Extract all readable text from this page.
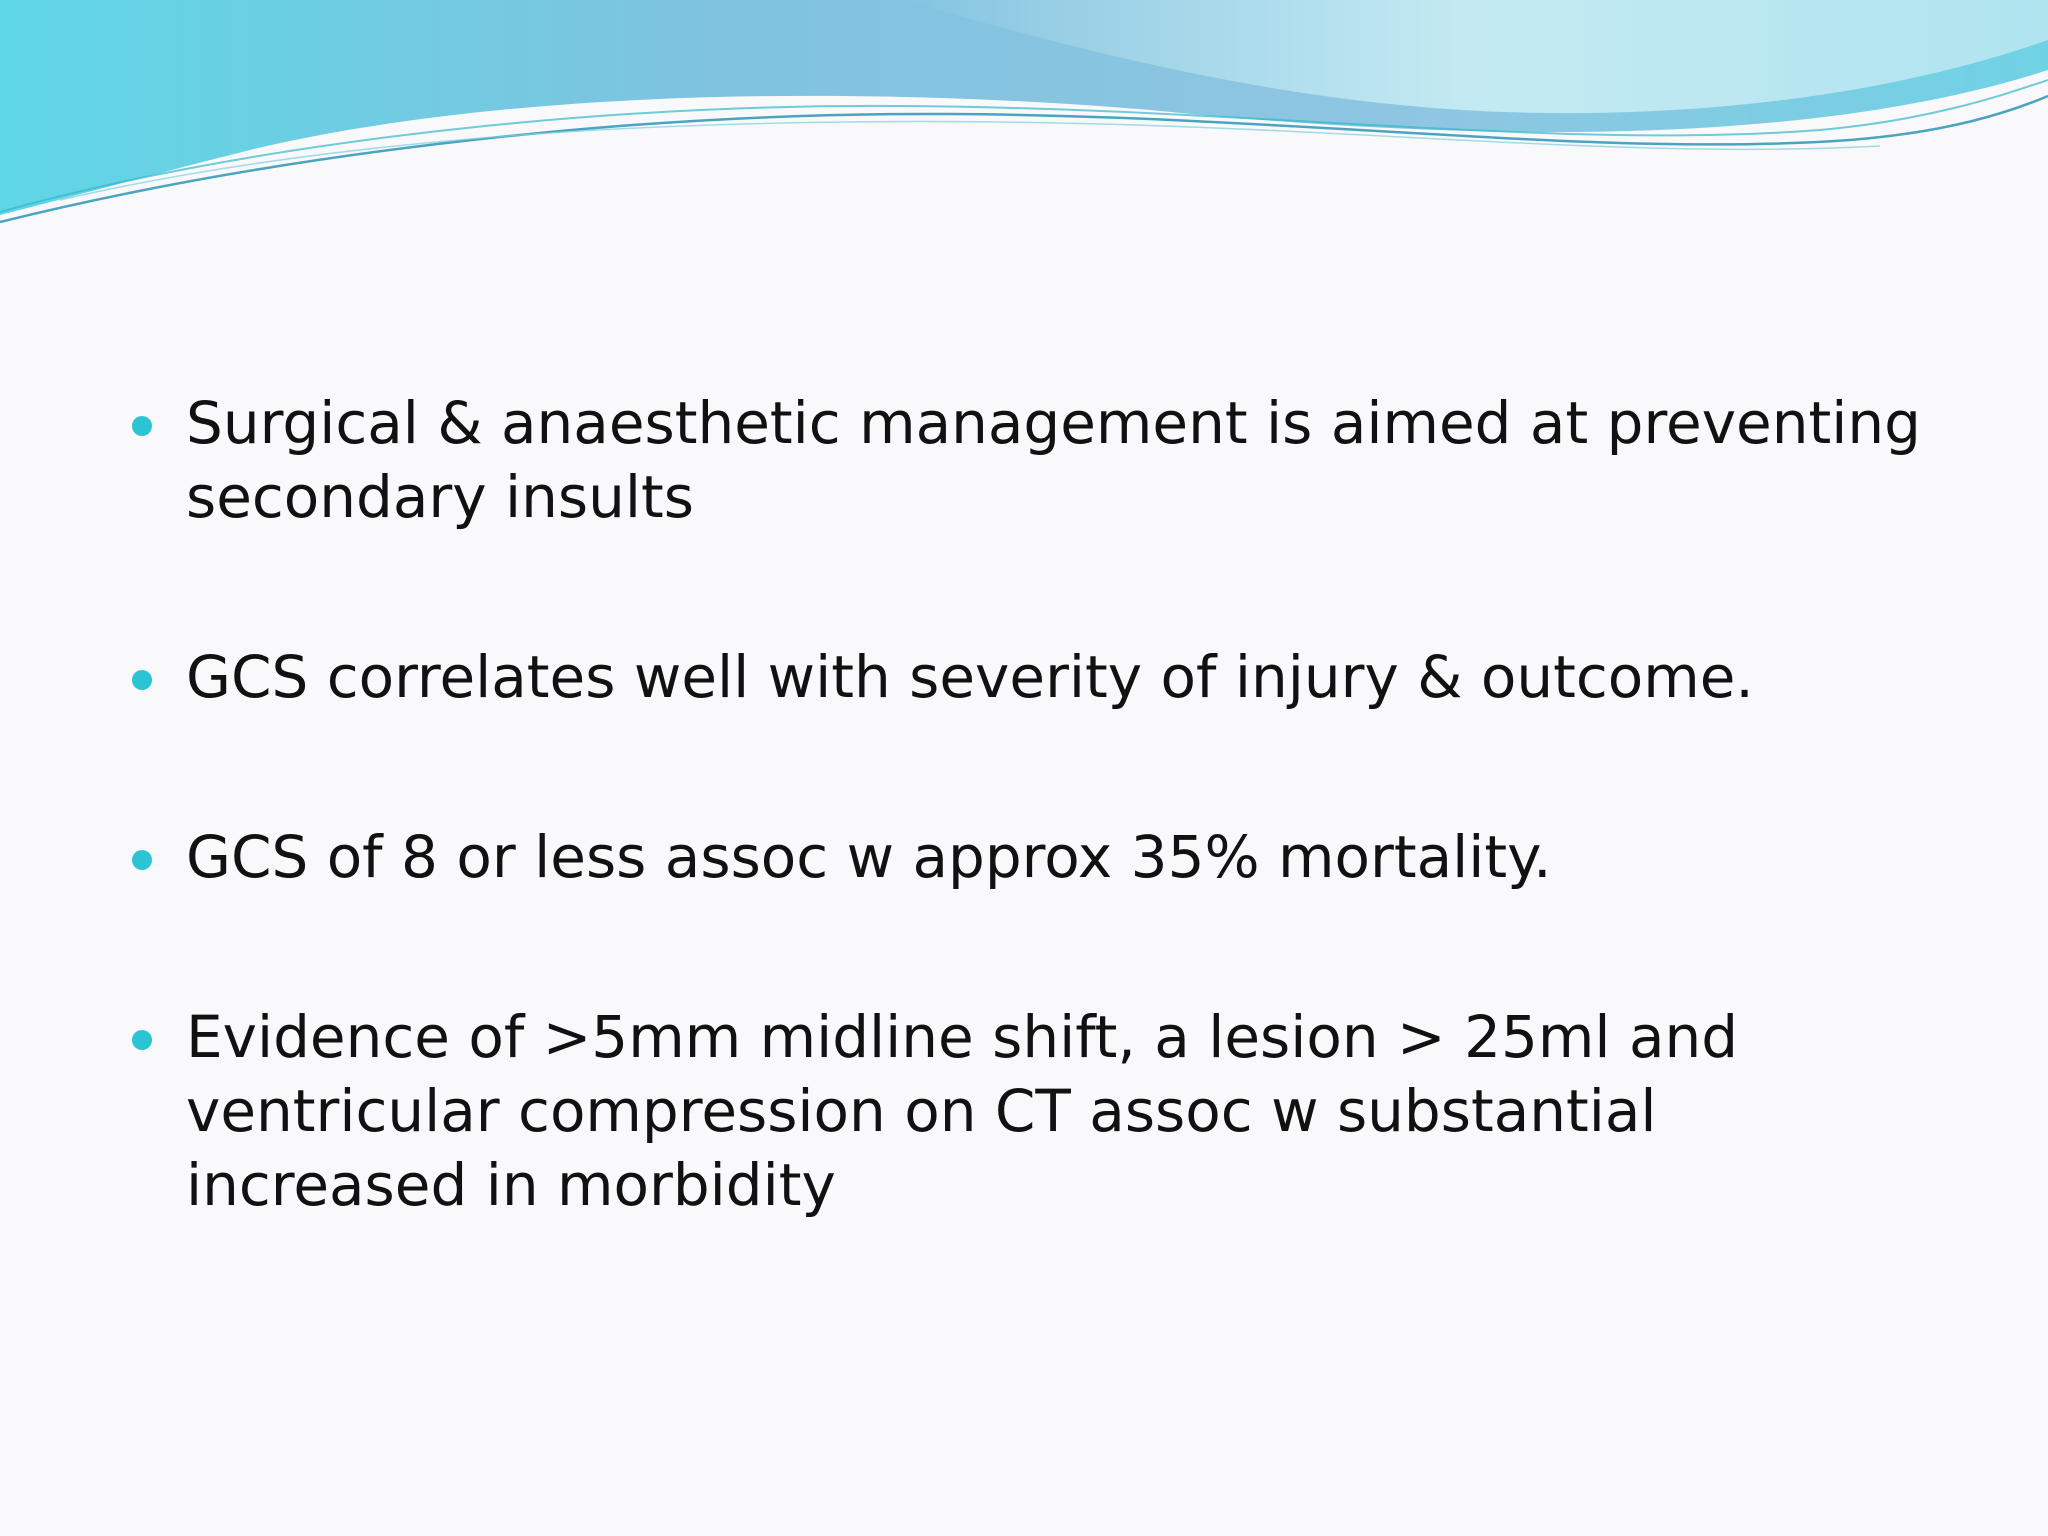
Surgical & anaesthetic management is aimed at preventing secondary insults
GCS correlates well with severity of injury & outcome.
GCS of 8 or less assoc w approx 35% mortality.
Evidence of >5mm midline shift, a lesion > 25ml and ventricular compression on CT assoc w substantial increased in morbidity
